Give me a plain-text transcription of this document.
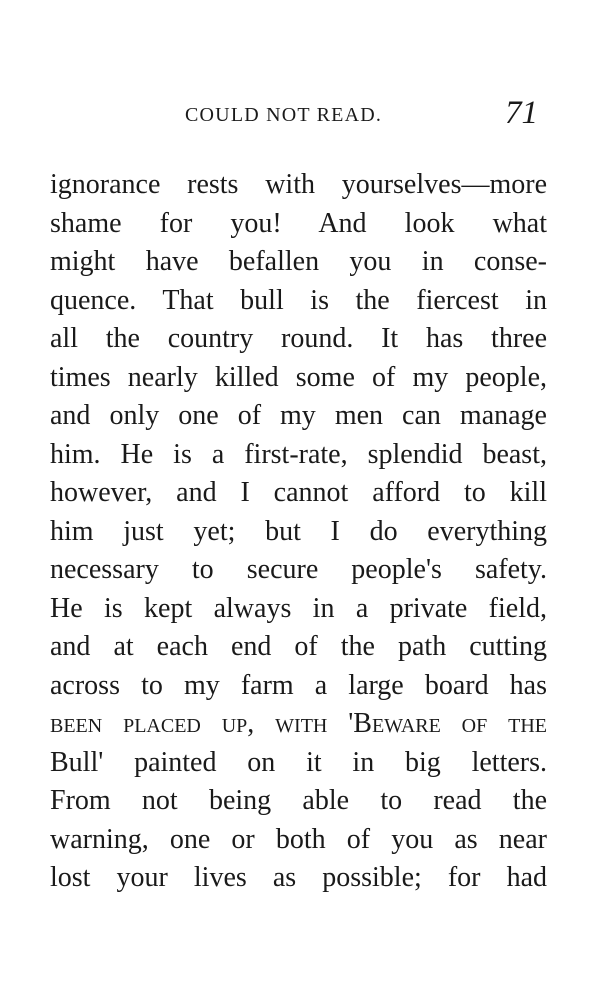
COULD NOT READ.	71
ignorance rests with yourselves—more
shame for you! And look what
might have befallen you in conse-
quence. That bull is the fiercest in
all the country round. It has three
times nearly killed some of my people,
and only one of my men can manage
him. He is a first-rate, splendid beast,
however, and I cannot afford to kill
him just yet; but I do everything
necessary to secure people's safety.
He is kept always in a private field,
and at each end of the path cutting
across to my farm a large board has
been placed up, with 'Beware of the
Bull' painted on it in big letters.
From not being able to read the
warning, one or both of you as near
lost your lives as possible; for had
